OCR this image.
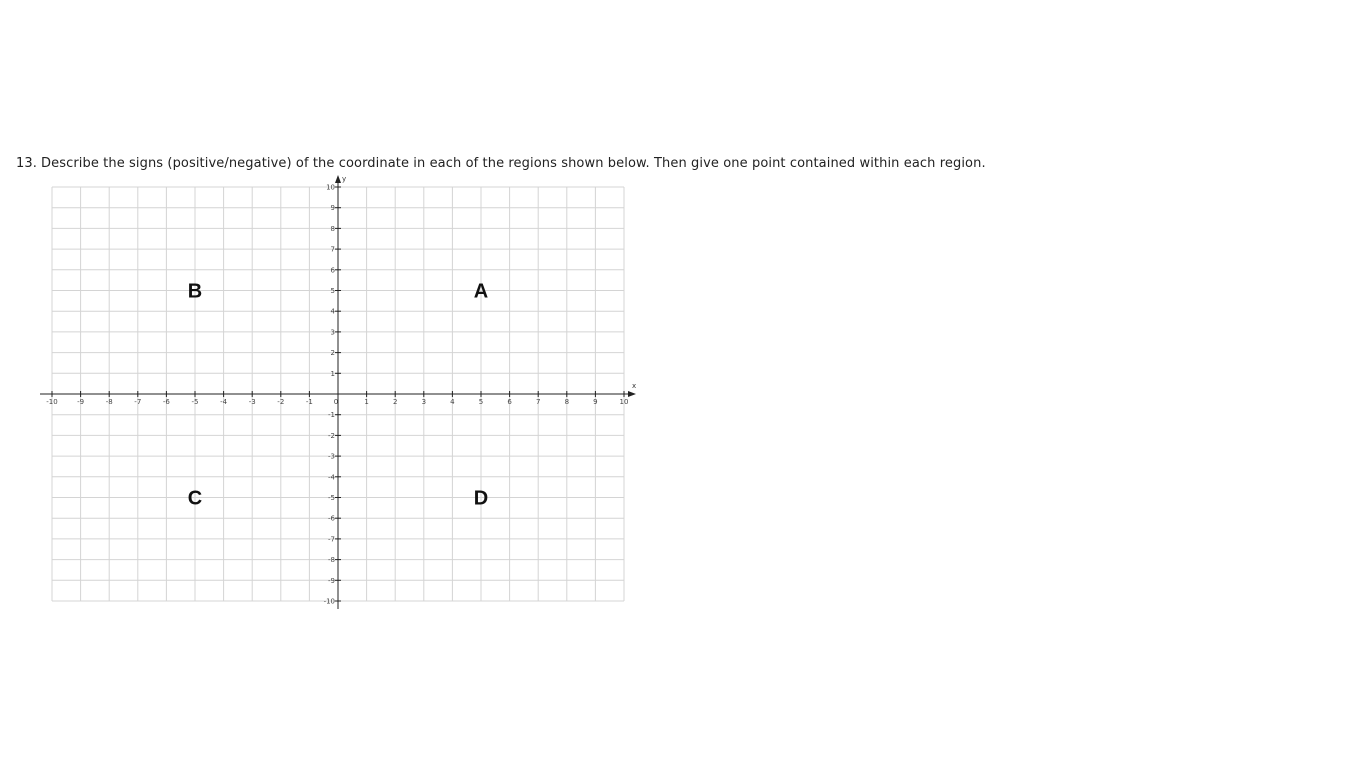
13. Describe the signs (positive/negative) of the coordinate in each of the regions shown below. Then give one point contained within each region.
x
y
-10	-9	-8	-7	-6	-5	-4	-3	-2	-1	0	1	2	3	4	5	6	7	8	9	10
1
2
3
4
5
6
7
8
9
10
-1
-2
-3
-4
-5
-6
-7
-8
-9
-10
A
B
C	D
